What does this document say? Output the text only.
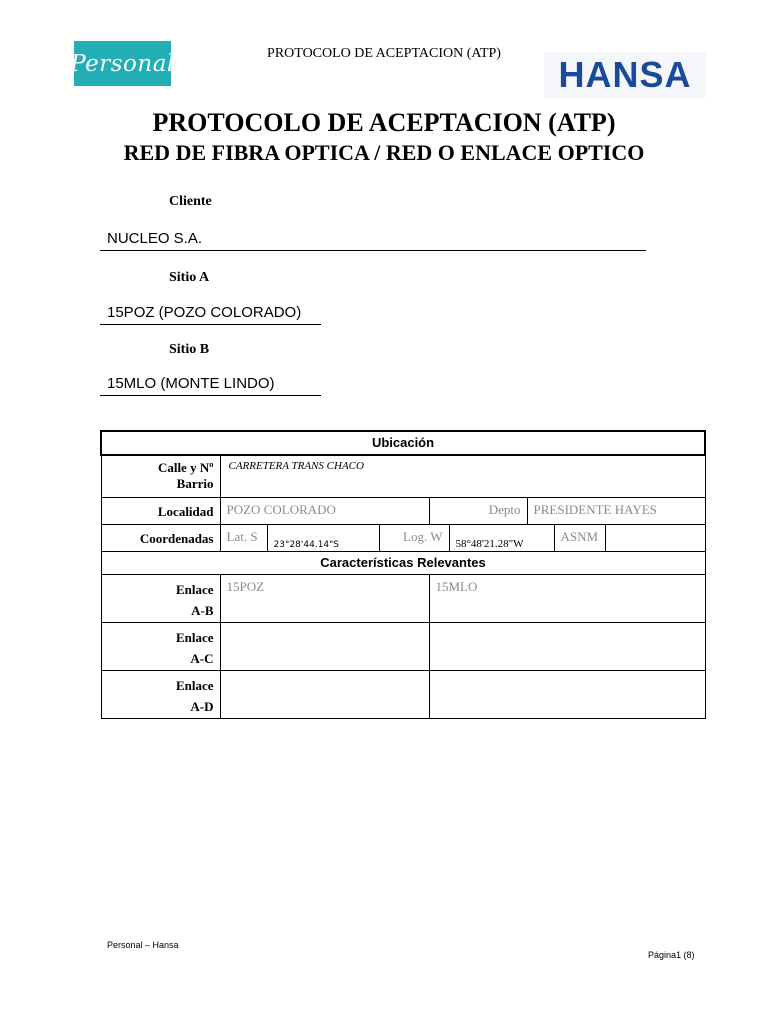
Personal	PROTOCOLO DE ACEPTACION (ATP)
HANSA
PROTOCOLO DE ACEPTACION (ATP)
RED DE FIBRA OPTICA / RED O ENLACE OPTICO
Cliente
NUCLEO S.A.
Sitio A
15POZ (POZO COLORADO)
Sitio B
15MLO (MONTE LINDO)
Ubicación								

Calle y Nº
Barrio	CARRETERA TRANS CHACO							
Localidad	POZO COLORADO			Depto		PRESIDENTE HAYES		
Coordenadas	Lat. S	23°28'44.14"S	Log. W		58°48'21.28"W		ASNM	
Características Relevantes								

Enlace
A-B	15POZ			15MLO				

Enlace
A-C								

Enlace
A-D								

Personal – Hansa
Página1 (8)
